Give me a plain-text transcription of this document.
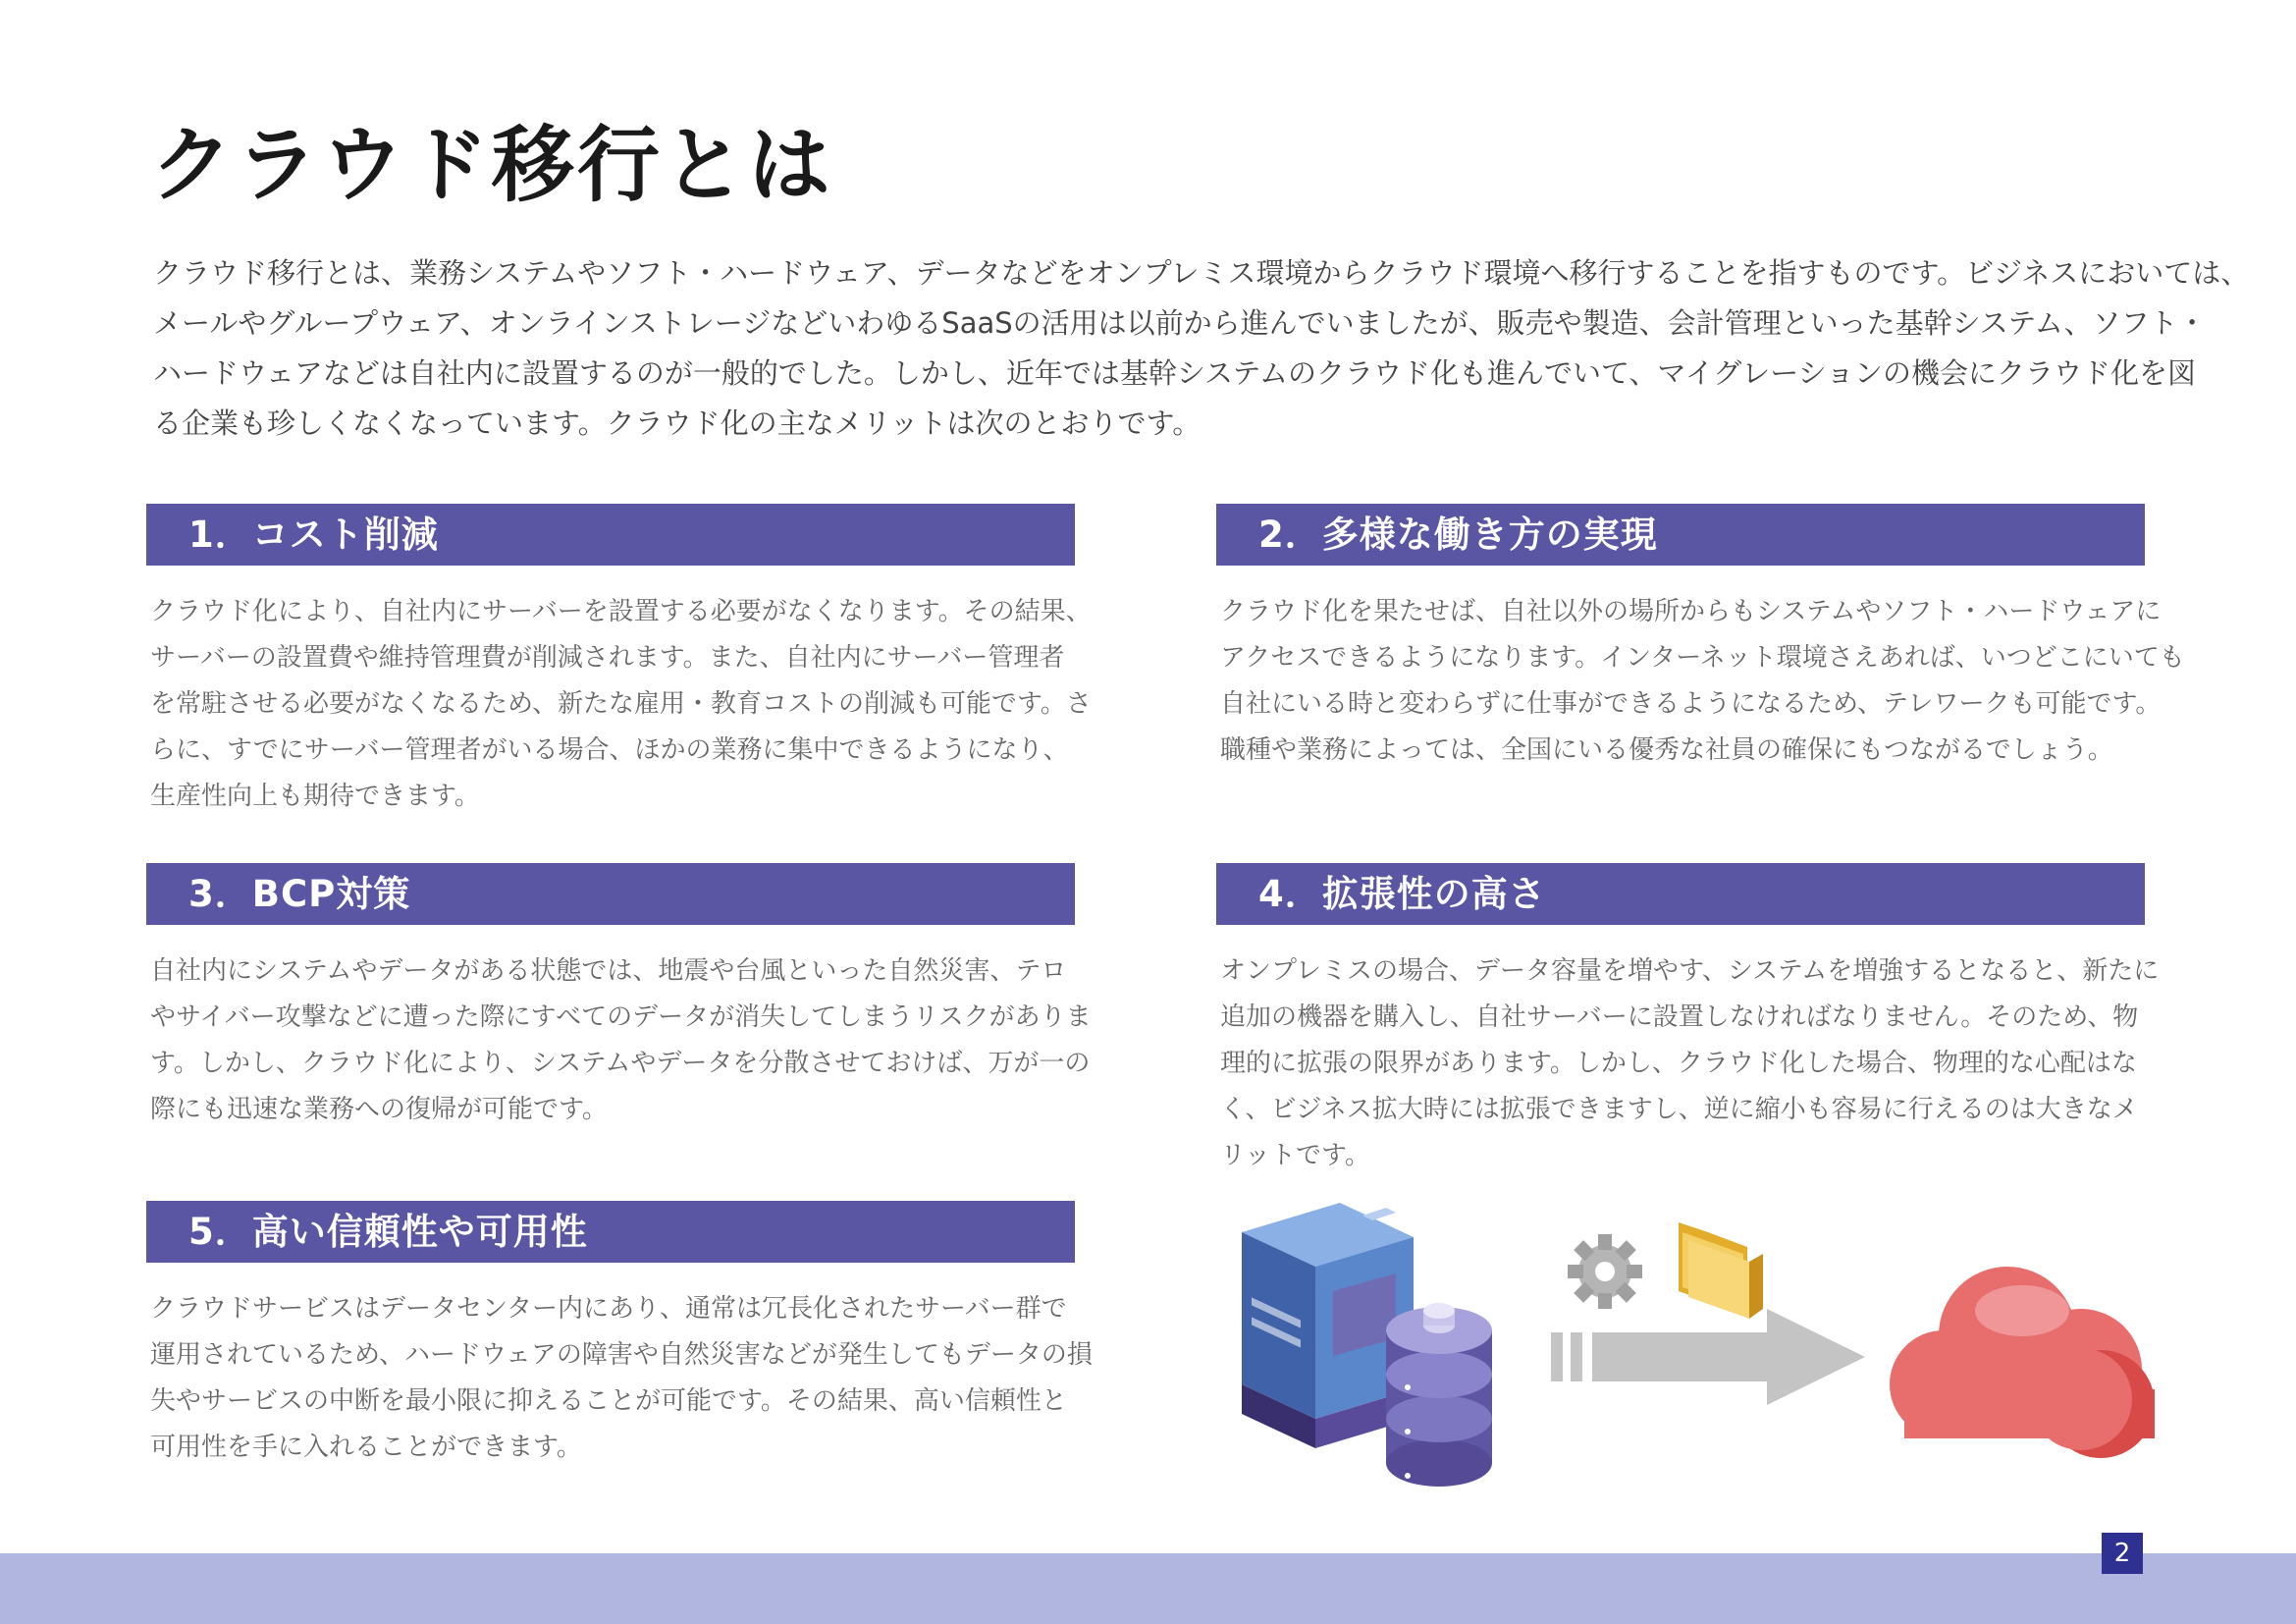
クラウド移行とは
クラウド移行とは、業務システムやソフト・ハードウェア、データなどをオンプレミス環境からクラウド環境へ移行することを指すものです。ビジネスにおいては、
メールやグループウェア、オンラインストレージなどいわゆるSaaSの活用は以前から進んでいましたが、販売や製造、会計管理といった基幹システム、ソフト・
ハードウェアなどは自社内に設置するのが一般的でした。しかし、近年では基幹システムのクラウド化も進んでいて、マイグレーションの機会にクラウド化を図
る企業も珍しくなくなっています。クラウド化の主なメリットは次のとおりです。
1．コスト削減
クラウド化により、自社内にサーバーを設置する必要がなくなります。その結果、
サーバーの設置費や維持管理費が削減されます。また、自社内にサーバー管理者
を常駐させる必要がなくなるため、新たな雇用・教育コストの削減も可能です。さ
らに、すでにサーバー管理者がいる場合、ほかの業務に集中できるようになり、
生産性向上も期待できます。
2．多様な働き方の実現
クラウド化を果たせば、自社以外の場所からもシステムやソフト・ハードウェアに
アクセスできるようになります。インターネット環境さえあれば、いつどこにいても
自社にいる時と変わらずに仕事ができるようになるため、テレワークも可能です。
職種や業務によっては、全国にいる優秀な社員の確保にもつながるでしょう。
3．BCP対策
自社内にシステムやデータがある状態では、地震や台風といった自然災害、テロ
やサイバー攻撃などに遭った際にすべてのデータが消失してしまうリスクがありま
す。しかし、クラウド化により、システムやデータを分散させておけば、万が一の
際にも迅速な業務への復帰が可能です。
4．拡張性の高さ
オンプレミスの場合、データ容量を増やす、システムを増強するとなると、新たに
追加の機器を購入し、自社サーバーに設置しなければなりません。そのため、物
理的に拡張の限界があります。しかし、クラウド化した場合、物理的な心配はな
く、ビジネス拡大時には拡張できますし、逆に縮小も容易に行えるのは大きなメ
リットです。
5．高い信頼性や可用性
クラウドサービスはデータセンター内にあり、通常は冗長化されたサーバー群で
運用されているため、ハードウェアの障害や自然災害などが発生してもデータの損
失やサービスの中断を最小限に抑えることが可能です。その結果、高い信頼性と
可用性を手に入れることができます。
2
